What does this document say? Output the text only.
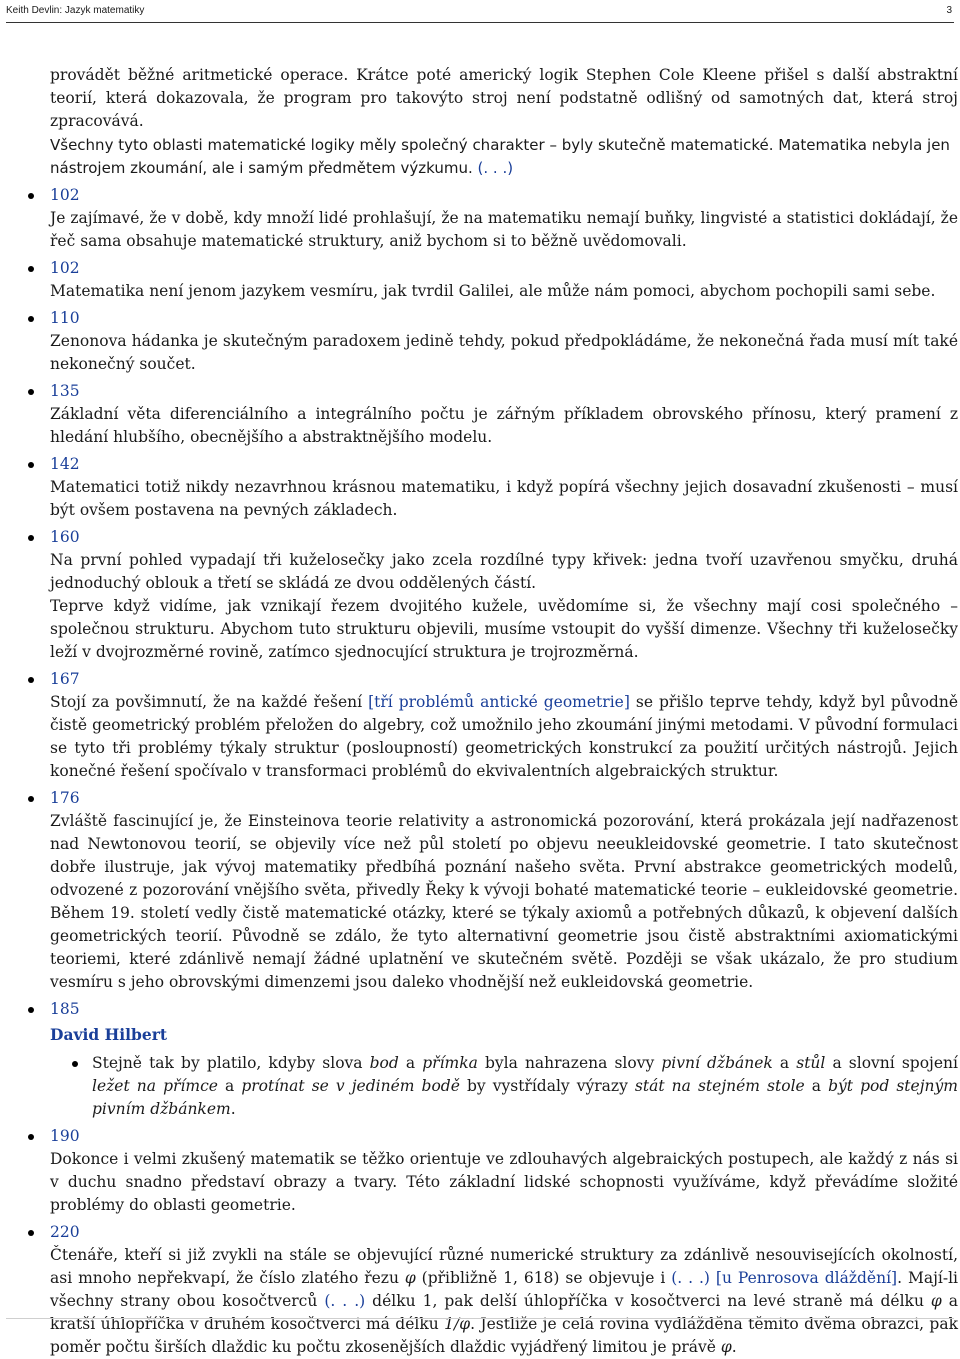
Keith Devlin: Jazyk matematiky	3

provádět běžné aritmetické operace. Krátce poté americký logik Stephen Cole Kleene přišel s další abstraktní teorií, která dokazovala, že program pro takovýto stroj není podstatně odlišný od samotných dat, která stroj zpracovává.

Všechny tyto oblasti matematické logiky měly společný charakter – byly skutečně matematické. Matematika nebyla jen nástrojem zkoumání, ale i samým předmětem výzkumu. (. . .)

102

Je zajímavé, že v době, kdy množí lidé prohlašují, že na matematiku nemají buňky, lingvisté a statistici dokládají, že řeč sama obsahuje matematické struktury, aniž bychom si to běžně uvědomovali.

102

Matematika není jenom jazykem vesmíru, jak tvrdil Galilei, ale může nám pomoci, abychom pochopili sami sebe.

110

Zenonova hádanka je skutečným paradoxem jedině tehdy, pokud předpokládáme, že nekonečná řada musí mít také nekonečný součet.

135

Základní věta diferenciálního a integrálního počtu je zářným příkladem obrovského přínosu, který pramení z hledání hlubšího, obecnějšího a abstraktnějšího modelu.

142

Matematici totiž nikdy nezavrhnou krásnou matematiku, i když popírá všechny jejich dosavadní zkušenosti – musí být ovšem postavena na pevných základech.

160

Na první pohled vypadají tři kuželosečky jako zcela rozdílné typy křivek: jedna tvoří uzavřenou smyčku, druhá jednoduchý oblouk a třetí se skládá ze dvou oddělených částí.

Teprve když vidíme, jak vznikají řezem dvojitého kužele, uvědomíme si, že všechny mají cosi společného – společnou strukturu. Abychom tuto strukturu objevili, musíme vstoupit do vyšší dimenze. Všechny tři kuželosečky leží v dvojrozměrné rovině, zatímco sjednocující struktura je trojrozměrná.

167

Stojí za povšimnutí, že na každé řešení [tří problémů antické geometrie] se přišlo teprve tehdy, když byl původně čistě geometrický problém přeložen do algebry, což umožnilo jeho zkoumání jinými metodami. V původní formulaci se tyto tři problémy týkaly struktur (posloupností) geometrických konstrukcí za použití určitých nástrojů. Jejich konečné řešení spočívalo v transformaci problémů do ekvivalentních algebraických struktur.

176

Zvláště fascinující je, že Einsteinova teorie relativity a astronomická pozorování, která prokázala její nadřazenost nad Newtonovou teorií, se objevily více než půl století po objevu neeukleidovské geometrie. I tato skutečnost dobře ilustruje, jak vývoj matematiky předbíhá poznání našeho světa. První abstrakce geometrických modelů, odvozené z pozorování vnějšího světa, přivedly Řeky k vývoji bohaté matematické teorie – eukleidovské geometrie. Během 19. století vedly čistě matematické otázky, které se týkaly axiomů a potřebných důkazů, k objevení dalších geometrických teorií. Původně se zdálo, že tyto alternativní geometrie jsou čistě abstraktními axiomatickými teoriemi, které zdánlivě nemají žádné uplatnění ve skutečném světě. Později se však ukázalo, že pro studium vesmíru s jeho obrovskými dimenzemi jsou daleko vhodnější než eukleidovská geometrie.

185
David Hilbert

Stejně tak by platilo, kdyby slova bod a přímka byla nahrazena slovy pivní džbánek a stůl a slovní spojení ležet na přímce a protínat se v jediném bodě by vystřídaly výrazy stát na stejném stole a být pod stejným pivním džbánkem.

190

Dokonce i velmi zkušený matematik se těžko orientuje ve zdlouhavých algebraických postupech, ale každý z nás si v duchu snadno představí obrazy a tvary. Této základní lidské schopnosti využíváme, když převádíme složité problémy do oblasti geometrie.

220

Čtenáře, kteří si již zvykli na stále se objevující různé numerické struktury za zdánlivě nesouvisejících okolností, asi mnoho nepřekvapí, že číslo zlatého řezu φ (přibližně 1, 618) se objevuje i (. . .) [u Penrosova dláždění]. Mají-li všechny strany obou kosočtverců (. . .) délku 1, pak delší úhlopříčka v kosočtverci na levé straně má délku φ a kratší úhlopříčka v druhém kosočtverci má délku 1/φ. Jestliže je celá rovina vydlážděna těmito dvěma obrazci, pak poměr počtu širších dlaždic ku počtu zkosenějších dlaždic vyjádřený limitou je právě φ.
